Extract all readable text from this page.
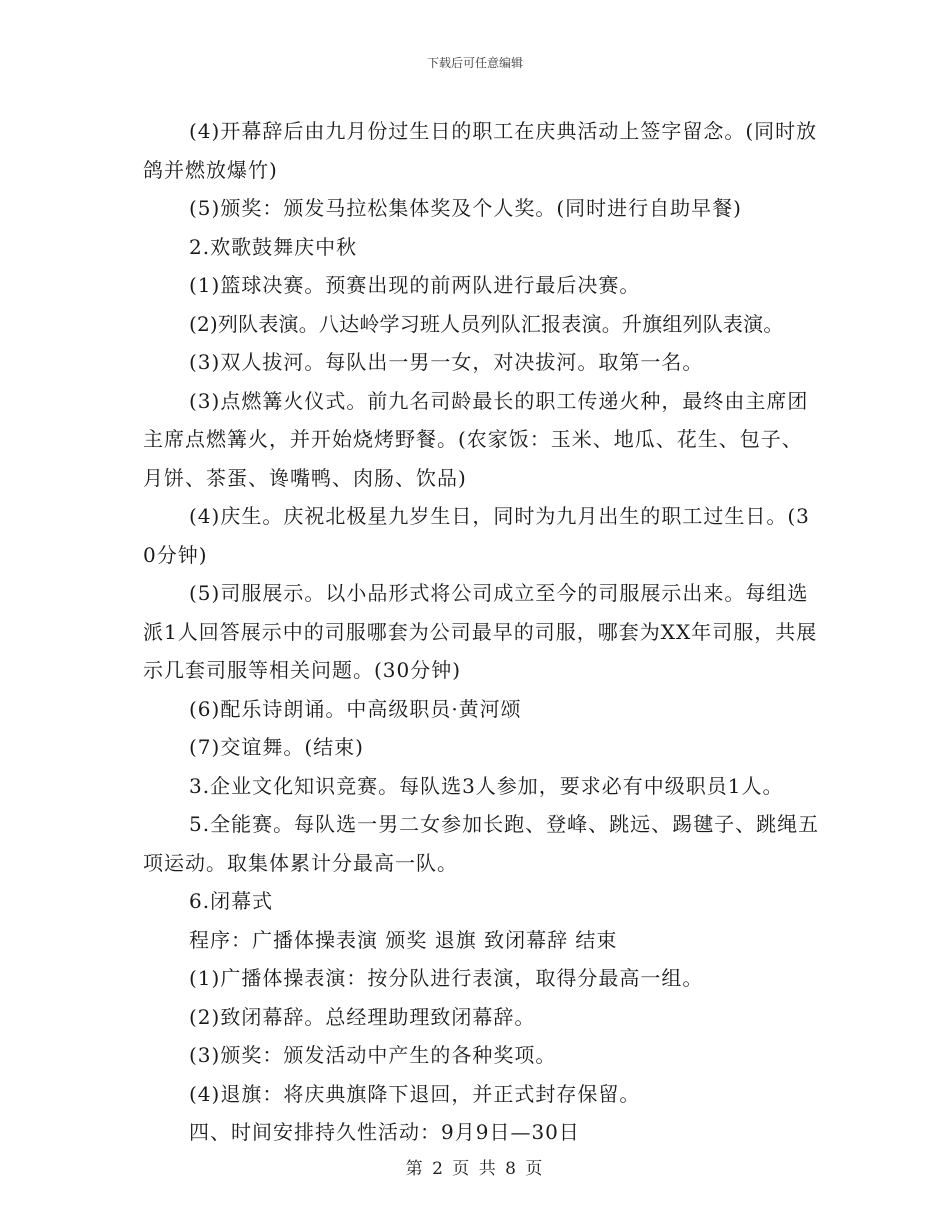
下载后可任意编辑

(4)开幕辞后由九月份过生日的职工在庆典活动上签字留念。(同时放鸽并燃放爆竹)

(5)颁奖：颁发马拉松集体奖及个人奖。(同时进行自助早餐)

2.欢歌鼓舞庆中秋

(1)篮球决赛。预赛出现的前两队进行最后决赛。

(2)列队表演。八达岭学习班人员列队汇报表演。升旗组列队表演。

(3)双人拔河。每队出一男一女，对决拔河。取第一名。

(3)点燃篝火仪式。前九名司龄最长的职工传递火种，最终由主席团主席点燃篝火，并开始烧烤野餐。(农家饭：玉米、地瓜、花生、包子、月饼、茶蛋、谗嘴鸭、肉肠、饮品)

(4)庆生。庆祝北极星九岁生日，同时为九月出生的职工过生日。(30分钟)

(5)司服展示。以小品形式将公司成立至今的司服展示出来。每组选派1人回答展示中的司服哪套为公司最早的司服，哪套为XX年司服，共展示几套司服等相关问题。(30分钟)

(6)配乐诗朗诵。中高级职员·黄河颂

(7)交谊舞。(结束)

3.企业文化知识竞赛。每队选3人参加，要求必有中级职员1人。

5.全能赛。每队选一男二女参加长跑、登峰、跳远、踢毽子、跳绳五项运动。取集体累计分最高一队。

6.闭幕式

程序：广播体操表演 颁奖 退旗 致闭幕辞 结束

(1)广播体操表演：按分队进行表演，取得分最高一组。

(2)致闭幕辞。总经理助理致闭幕辞。

(3)颁奖：颁发活动中产生的各种奖项。

(4)退旗：将庆典旗降下退回，并正式封存保留。

四、时间安排持久性活动：9月9日—30日

第 2 页 共 8 页
